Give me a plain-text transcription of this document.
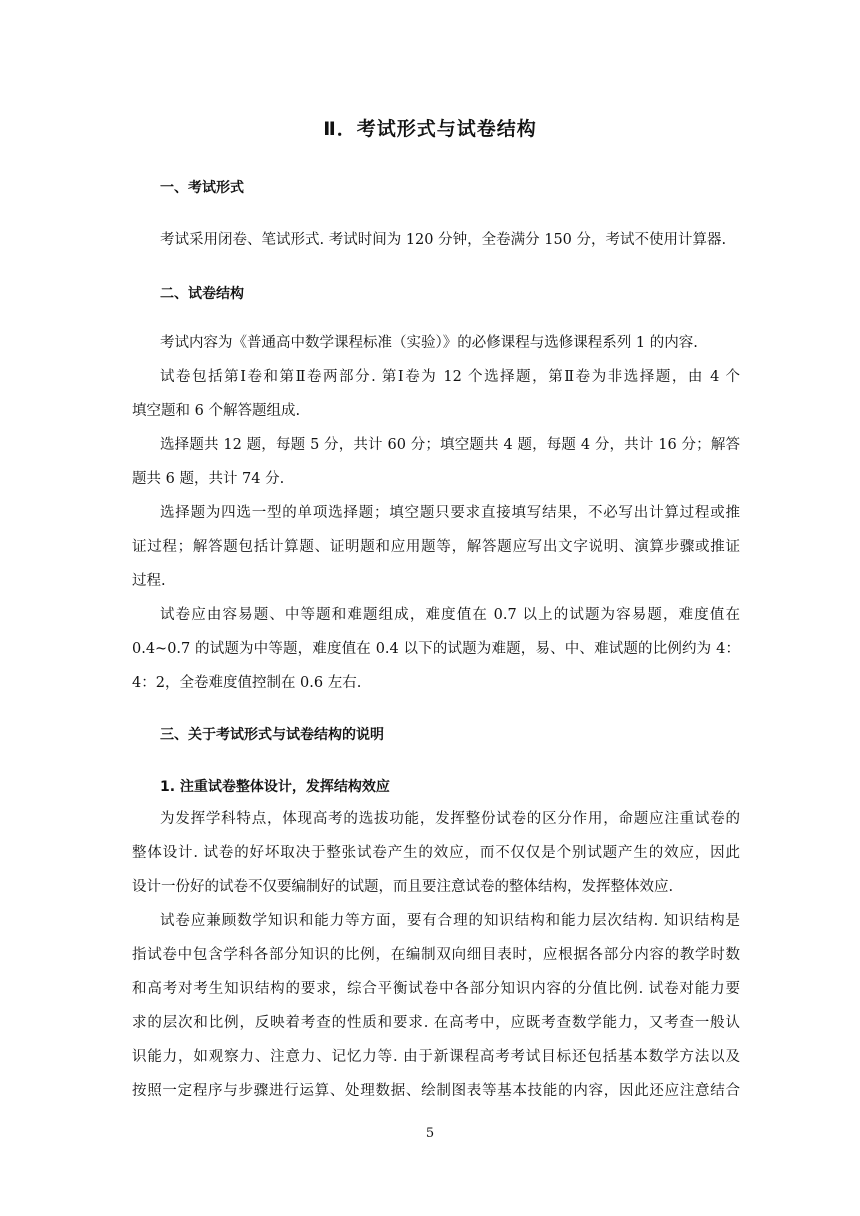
Ⅱ．考试形式与试卷结构
一、考试形式
考试采用闭卷、笔试形式. 考试时间为 120 分钟，全卷满分 150 分，考试不使用计算器.
二、试卷结构
考试内容为《普通高中数学课程标准（实验）》的必修课程与选修课程系列 1 的内容.
试卷包括第Ⅰ卷和第Ⅱ卷两部分. 第Ⅰ卷为 12 个选择题，第Ⅱ卷为非选择题，由 4 个
填空题和 6 个解答题组成.
选择题共 12 题，每题 5 分，共计 60 分；填空题共 4 题，每题 4 分，共计 16 分；解答
题共 6 题，共计 74 分.
选择题为四选一型的单项选择题；填空题只要求直接填写结果，不必写出计算过程或推
证过程；解答题包括计算题、证明题和应用题等，解答题应写出文字说明、演算步骤或推证
过程.
试卷应由容易题、中等题和难题组成，难度值在 0.7 以上的试题为容易题，难度值在
0.4~0.7 的试题为中等题，难度值在 0.4 以下的试题为难题，易、中、难试题的比例约为 4：
4：2，全卷难度值控制在 0.6 左右.
三、关于考试形式与试卷结构的说明
1. 注重试卷整体设计，发挥结构效应
为发挥学科特点，体现高考的选拔功能，发挥整份试卷的区分作用，命题应注重试卷的
整体设计. 试卷的好坏取决于整张试卷产生的效应，而不仅仅是个别试题产生的效应，因此
设计一份好的试卷不仅要编制好的试题，而且要注意试卷的整体结构，发挥整体效应.
试卷应兼顾数学知识和能力等方面，要有合理的知识结构和能力层次结构. 知识结构是
指试卷中包含学科各部分知识的比例，在编制双向细目表时，应根据各部分内容的教学时数
和高考对考生知识结构的要求，综合平衡试卷中各部分知识内容的分值比例. 试卷对能力要
求的层次和比例，反映着考查的性质和要求. 在高考中，应既考查数学能力，又考查一般认
识能力，如观察力、注意力、记忆力等. 由于新课程高考考试目标还包括基本数学方法以及
按照一定程序与步骤进行运算、处理数据、绘制图表等基本技能的内容，因此还应注意结合
5
